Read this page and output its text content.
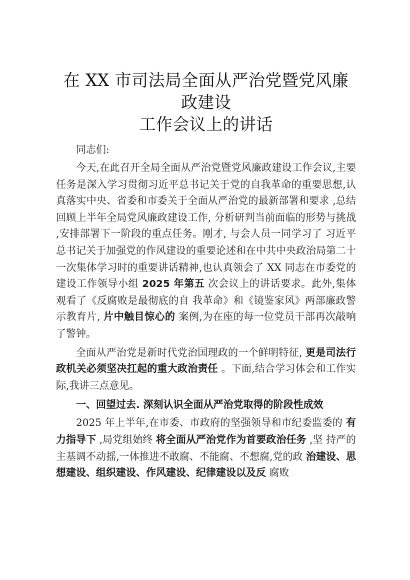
在 XX 市司法局全面从严治党暨党风廉政建设
工作会议上的讲话

同志们:

今天,在此召开全局全面从严治党暨党风廉政建设工作会议,主要任务是深入学习贯彻习近平总书记关于党的自我革命的重要思想,认真落实中央、省委和市委关于全面从严治党的最新部署和要求 ,总结回顾上半年全局党风廉政建设工作, 分析研判当前面临的形势与挑战 ,安排部署下一阶段的重点任务。刚才, 与会人员一同学习了 习近平总书记关于加强党的作风建设的重要论述和在中共中央政治局第二十一次集体学习时的重要讲话精神,也认真领会了 XX 同志在市委党的建设工作领导小组 2025 年第五 次会议上的讲话要求。此外,集体观看了《反腐败是最彻底的自 我革命》和《镜鉴家风》两部廉政警示教育片, 片中触目惊心的 案例,为在座的每一位党员干部再次敲响了警钟。

全面从严治党是新时代党治国理政的一个鲜明特征, 更是司法行政机关必须坚决扛起的重大政治责任 。下面,结合学习体会和工作实际,我讲三点意见。

一、回望过去. 深刻认识全面从严治党取得的阶段性成效

2025 年上半年,在市委、市政府的坚强领导和市纪委监委的 有力指导下 ,局党组始终 将全面从严治党作为首要政治任务 ,坚 持严的主基调不动摇,一体推进不敢腐、不能腐、不想腐,党的政 治建设、思想建设、组织建设、作风建设、纪律建设以及反 腐败
